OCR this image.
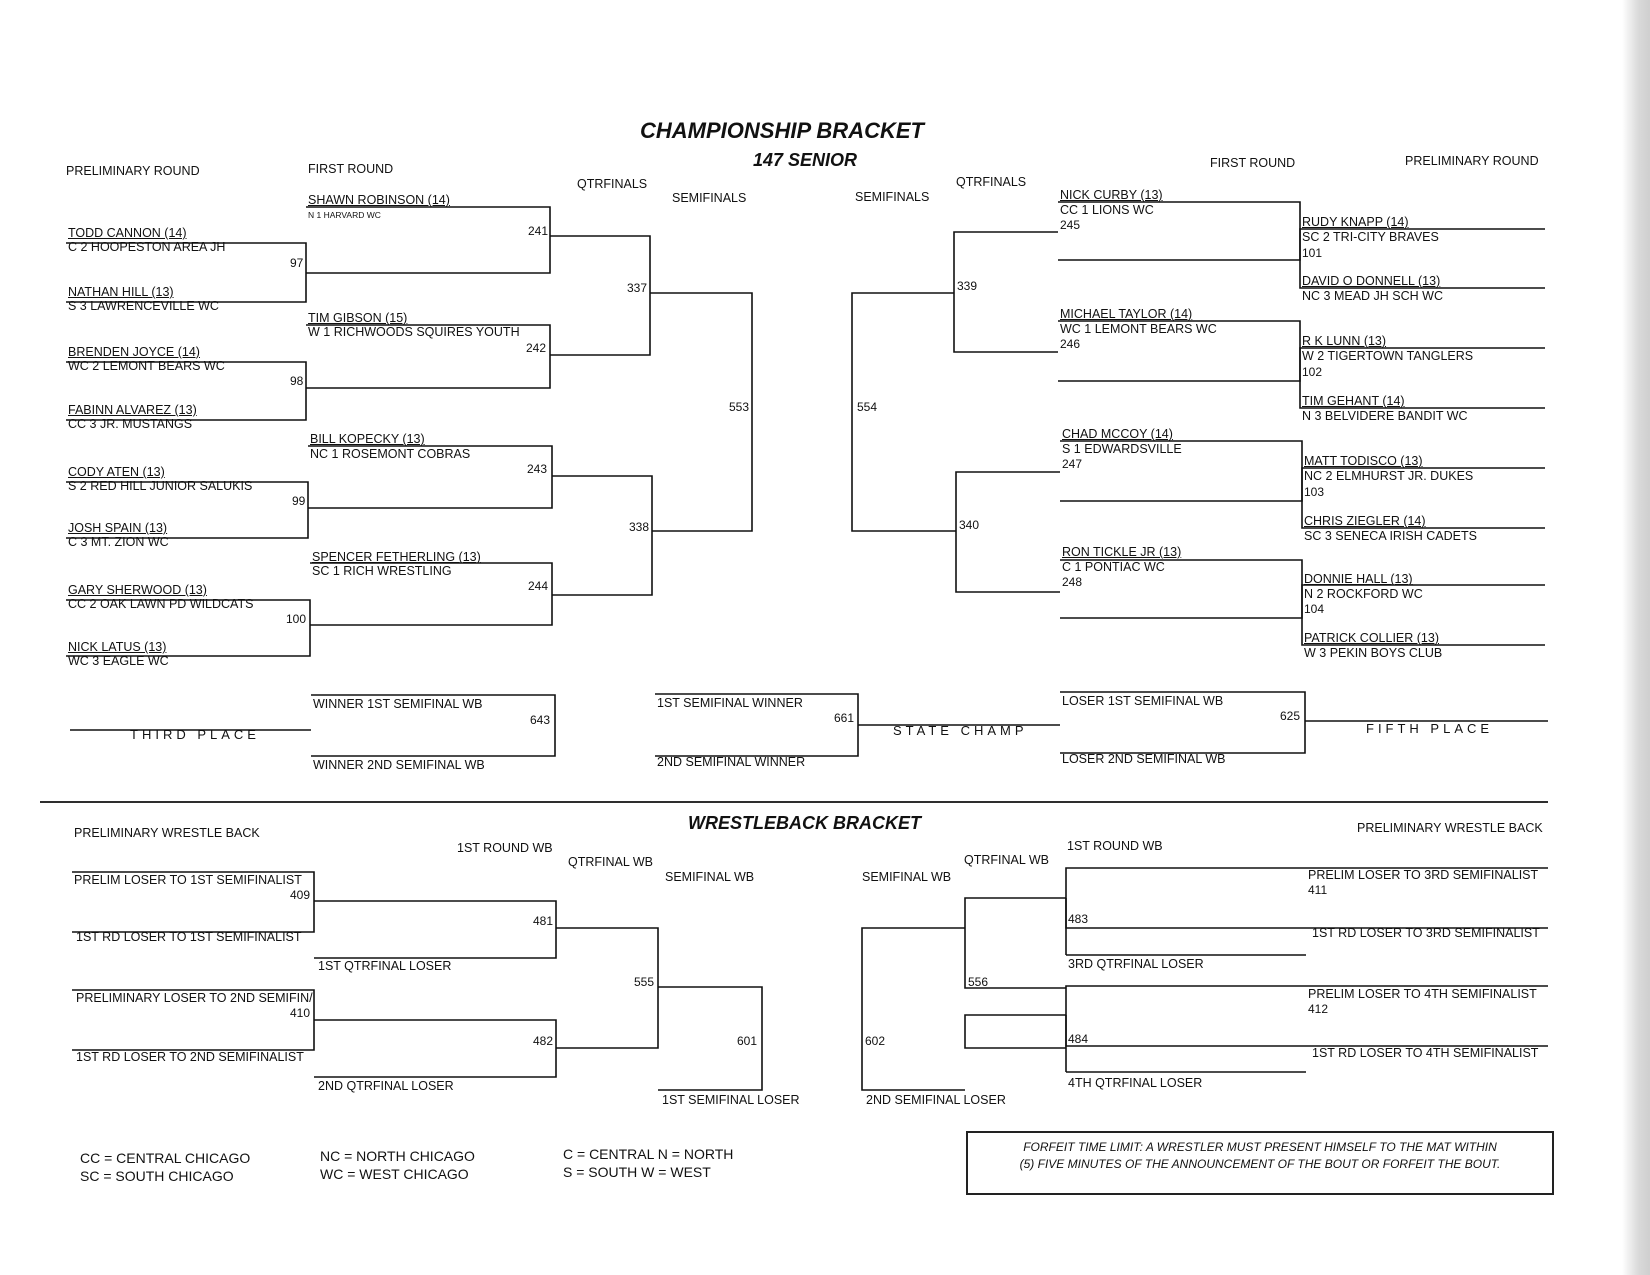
CHAMPIONSHIP BRACKET
147 SENIOR
PRELIMINARY ROUND	FIRST ROUND
QTRFINALS
SEMIFINALS	SEMIFINALS
QTRFINALS
FIRST ROUND	PRELIMINARY ROUND
TODD CANNON (14)
C 2 HOOPESTON AREA JH
NATHAN HILL (13)
S 3 LAWRENCEVILLE WC
BRENDEN JOYCE (14)
WC 2 LEMONT BEARS WC
FABINN ALVAREZ (13)
CC 3 JR. MUSTANGS
CODY ATEN (13)
S 2 RED HILL JUNIOR SALUKIS
JOSH SPAIN (13)
C 3 MT. ZION WC
GARY SHERWOOD (13)
CC 2 OAK LAWN PD WILDCATS
NICK LATUS (13)
WC 3 EAGLE WC
97
98
99
100
SHAWN ROBINSON (14)
N 1 HARVARD WC
241
TIM GIBSON (15)
W 1 RICHWOODS SQUIRES YOUTH
242
BILL KOPECKY (13)
NC 1 ROSEMONT COBRAS
243
SPENCER FETHERLING (13)
SC 1 RICH WRESTLING
244
337
338
553	554
339
340
NICK CURBY (13)
CC 1 LIONS WC
245
MICHAEL TAYLOR (14)
WC 1 LEMONT BEARS WC
246
CHAD MCCOY (14)
S 1 EDWARDSVILLE
247
RON TICKLE JR (13)
C 1 PONTIAC WC
248
RUDY KNAPP (14)
SC 2 TRI-CITY BRAVES
101
DAVID O DONNELL (13)
NC 3 MEAD JH SCH WC
R K LUNN (13)
W 2 TIGERTOWN TANGLERS
102
TIM GEHANT (14)
N 3 BELVIDERE BANDIT WC
MATT TODISCO (13)
NC 2 ELMHURST JR. DUKES
103
CHRIS ZIEGLER (14)
SC 3 SENECA IRISH CADETS
DONNIE HALL (13)
N 2 ROCKFORD WC
104
PATRICK COLLIER (13)
W 3 PEKIN BOYS CLUB
THIRD PLACE
WINNER 1ST SEMIFINAL WB
WINNER 2ND SEMIFINAL WB
643
1ST SEMIFINAL WINNER
2ND SEMIFINAL WINNER
661
STATE CHAMP
LOSER 1ST SEMIFINAL WB
LOSER 2ND SEMIFINAL WB
625
FIFTH PLACE
WRESTLEBACK BRACKET
PRELIMINARY WRESTLE BACK
1ST ROUND WB
QTRFINAL WB
SEMIFINAL WB	SEMIFINAL WB
QTRFINAL WB
1ST ROUND WB
PRELIMINARY WRESTLE BACK
PRELIM LOSER TO 1ST SEMIFINALIST
409
1ST RD LOSER TO 1ST SEMIFINALIST
PRELIMINARY LOSER TO 2ND SEMIFIN/
410
1ST RD LOSER TO 2ND SEMIFINALIST
1ST QTRFINAL LOSER
481
2ND QTRFINAL LOSER
482
555
601
1ST SEMIFINAL LOSER
602
2ND SEMIFINAL LOSER
556
483
3RD QTRFINAL LOSER
484
4TH QTRFINAL LOSER
PRELIM LOSER TO 3RD SEMIFINALIST
411
1ST RD LOSER TO 3RD SEMIFINALIST
PRELIM LOSER TO 4TH SEMIFINALIST
412
1ST RD LOSER TO 4TH SEMIFINALIST
CC = CENTRAL CHICAGO
SC = SOUTH CHICAGO
NC = NORTH CHICAGO
WC = WEST CHICAGO
C = CENTRAL N = NORTH
S = SOUTH W = WEST
FORFEIT TIME LIMIT: A WRESTLER MUST PRESENT HIMSELF TO THE MAT WITHIN
(5) FIVE MINUTES OF THE ANNOUNCEMENT OF THE BOUT OR FORFEIT THE BOUT.
